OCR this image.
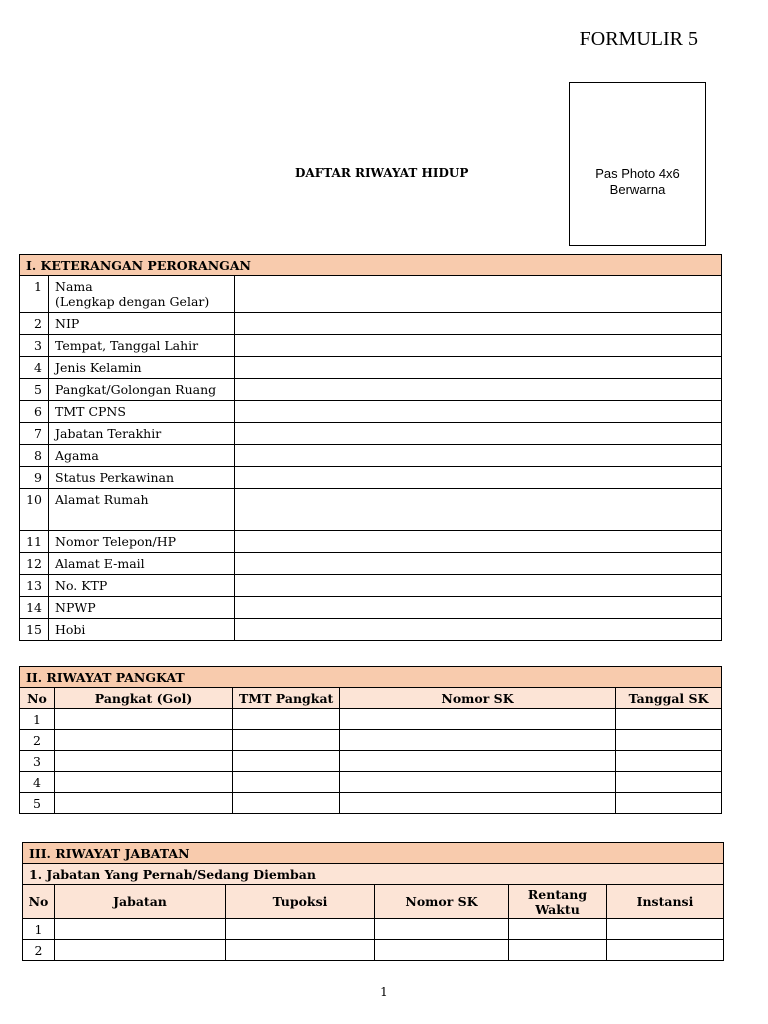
FORMULIR 5
DAFTAR RIWAYAT HIDUP	Pas Photo 4x6
Berwarna
I. KETERANGAN PERORANGAN		
1	Nama
(Lengkap dengan Gelar)	
2	NIP	
3	Tempat, Tanggal Lahir	
4	Jenis Kelamin	
5	Pangkat/Golongan Ruang	
6	TMT CPNS	
7	Jabatan Terakhir	
8	Agama	
9	Status Perkawinan	
10	Alamat Rumah	
11	Nomor Telepon/HP	
12	Alamat E-mail	
13	No. KTP	
14	NPWP	
15	Hobi	
II. RIWAYAT PANGKAT				
No	Pangkat (Gol)	TMT Pangkat	Nomor SK	Tanggal SK
1				
2				
3				
4				
5				
III. RIWAYAT JABATAN					
1. Jabatan Yang Pernah/Sedang Diemban					
No	Jabatan	Tupoksi	Nomor SK	Rentang Waktu	Instansi
1					
2					
1
